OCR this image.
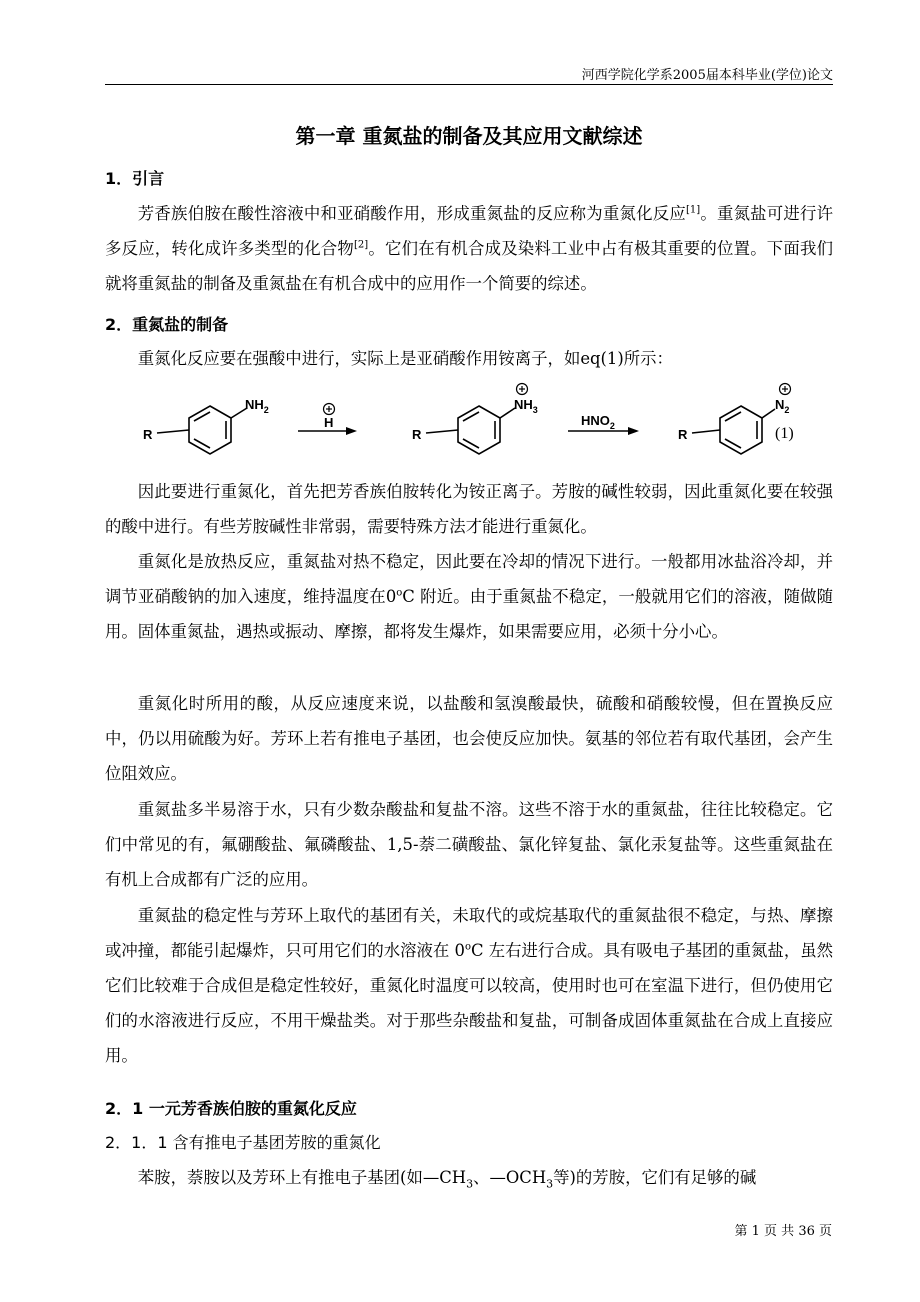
河西学院化学系2005届本科毕业(学位)论文
第一章 重氮盐的制备及其应用文献综述
1．引言

芳香族伯胺在酸性溶液中和亚硝酸作用，形成重氮盐的反应称为重氮化反应[1]。重氮盐可进行许多反应，转化成许多类型的化合物[2]。它们在有机合成及染料工业中占有极其重要的位置。下面我们就将重氮盐的制备及重氮盐在有机合成中的应用作一个简要的综述。

2．重氮盐的制备

重氮化反应要在强酸中进行，实际上是亚硝酸作用铵离子，如eq(1)所示：

R
$NH_2$
H
R
$NH_3$
$HNO_2$
R
$N_2$
(1)

因此要进行重氮化，首先把芳香族伯胺转化为铵正离子。芳胺的碱性较弱，因此重氮化要在较强的酸中进行。有些芳胺碱性非常弱，需要特殊方法才能进行重氮化。

重氮化是放热反应，重氮盐对热不稳定，因此要在冷却的情况下进行。一般都用冰盐浴冷却，并调节亚硝酸钠的加入速度，维持温度在0$^o$C 附近。由于重氮盐不稳定，一般就用它们的溶液，随做随用。固体重氮盐，遇热或振动、摩擦，都将发生爆炸，如果需要应用，必须十分小心。

重氮化时所用的酸，从反应速度来说，以盐酸和氢溴酸最快，硫酸和硝酸较慢，但在置换反应中，仍以用硫酸为好。芳环上若有推电子基团，也会使反应加快。氨基的邻位若有取代基团，会产生位阻效应。

重氮盐多半易溶于水，只有少数杂酸盐和复盐不溶。这些不溶于水的重氮盐，往往比较稳定。它们中常见的有，氟硼酸盐、氟磷酸盐、1,5-萘二磺酸盐、氯化锌复盐、氯化汞复盐等。这些重氮盐在有机上合成都有广泛的应用。

重氮盐的稳定性与芳环上取代的基团有关，未取代的或烷基取代的重氮盐很不稳定，与热、摩擦或冲撞，都能引起爆炸，只可用它们的水溶液在 0$^o$C 左右进行合成。具有吸电子基团的重氮盐，虽然它们比较难于合成但是稳定性较好，重氮化时温度可以较高，使用时也可在室温下进行，但仍使用它们的水溶液进行反应，不用干燥盐类。对于那些杂酸盐和复盐，可制备成固体重氮盐在合成上直接应用。

2．1 一元芳香族伯胺的重氮化反应
2．1．1 含有推电子基团芳胺的重氮化

苯胺，萘胺以及芳环上有推电子基团(如$—CH_3$、$—OCH_3$等)的芳胺，它们有足够的碱

第 1 页 共 36 页
